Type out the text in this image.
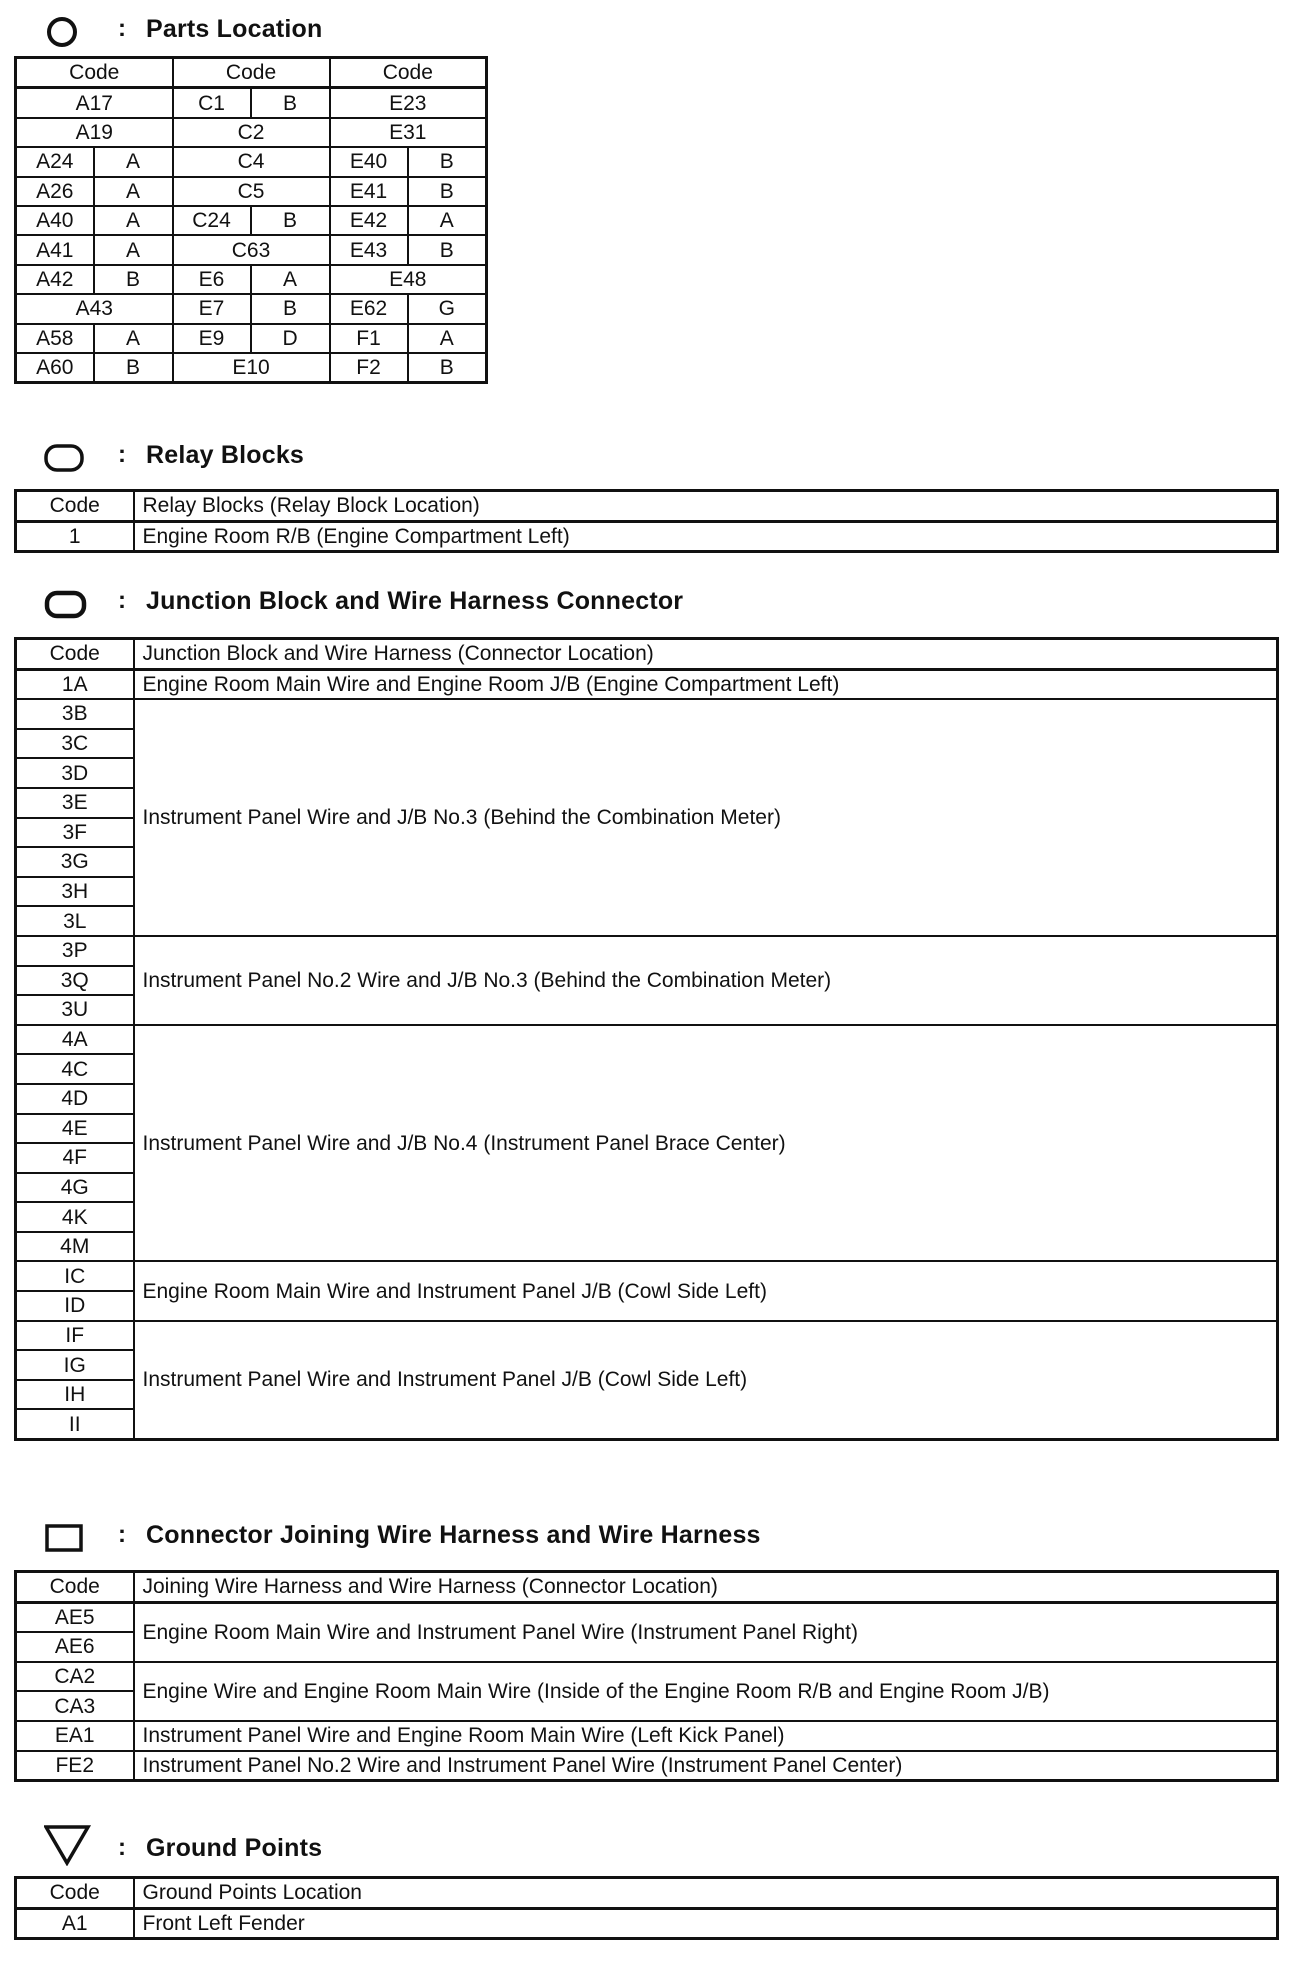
: Parts Location
Code		Code		Code	
A17		C1	B	E23	
A19		C2		E31	
A24	A	C4		E40	B
A26	A	C5		E41	B
A40	A	C24	B	E42	A
A41	A	C63		E43	B
A42	B	E6	A	E48	
A43		E7	B	E62	G
A58	A	E9	D	F1	A
A60	B	E10		F2	B
: Relay Blocks
Code	Relay Blocks (Relay Block Location)
1	Engine Room R/B (Engine Compartment Left)
: Junction Block and Wire Harness Connector
Code	Junction Block and Wire Harness (Connector Location)
1A	Engine Room Main Wire and Engine Room J/B (Engine Compartment Left)
3B	Instrument Panel Wire and J/B No.3 (Behind the Combination Meter)
3C	
3D	
3E	
3F	
3G	
3H	
3L	
3P	Instrument Panel No.2 Wire and J/B No.3 (Behind the Combination Meter)
3Q	
3U	
4A	Instrument Panel Wire and J/B No.4 (Instrument Panel Brace Center)
4C	
4D	
4E	
4F	
4G	
4K	
4M	
IC	Engine Room Main Wire and Instrument Panel J/B (Cowl Side Left)
ID	
IF	Instrument Panel Wire and Instrument Panel J/B (Cowl Side Left)
IG	
IH	
II	
: Connector Joining Wire Harness and Wire Harness
Code	Joining Wire Harness and Wire Harness (Connector Location)
AE5	Engine Room Main Wire and Instrument Panel Wire (Instrument Panel Right)
AE6	
CA2	Engine Wire and Engine Room Main Wire (Inside of the Engine Room R/B and Engine Room J/B)
CA3	
EA1	Instrument Panel Wire and Engine Room Main Wire (Left Kick Panel)
FE2	Instrument Panel No.2 Wire and Instrument Panel Wire (Instrument Panel Center)
: Ground Points
Code	Ground Points Location
A1	Front Left Fender
